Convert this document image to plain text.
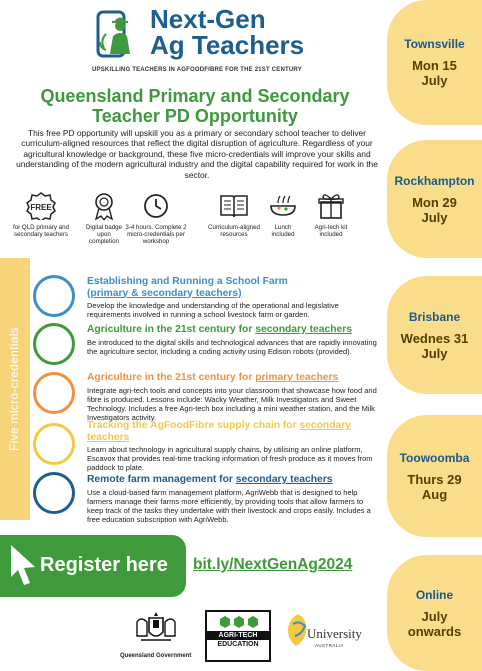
Townsville
Mon 15
July
Rockhampton
Mon 29
July
Brisbane
Wednes 31
July
Toowoomba
Thurs 29
Aug
Online
July
onwards
Next-Gen
Ag Teachers
UPSKILLING TEACHERS IN AGFOODFIBRE FOR THE 21ST CENTURY
Queensland Primary and Secondary
Teacher PD Opportunity
This free PD opportunity will upskill you as a primary or secondary school teacher to deliver curriculum-aligned resources that reflect the digital disruption of agriculture. Regardless of your agricultural knowledge or background, these five micro-credentials will improve your skills and understanding of the modern agricultural industry and the digital capability required for work in the sector.
FREE
for QLD primary and secondary teachers
Digital badge upon completion
3-4 hours. Complete 2 micro-credentials per workshop
Curriculum-aligned resources
Lunch included
Agri-tech kit included
Five micro-credentials
1 Establishing and Running a School Farm
(primary & secondary teachers)
Develop the knowledge and understanding of the operational and legislative requirements involved in running a school livestock farm or garden.
2 Agriculture in the 21st century for secondary teachers
Be introduced to the digital skills and technological advances that are rapidly innovating the agriculture sector, including a coding activity using Edison robots (provided).
3 Agriculture in the 21st century for primary teachers
Integrate agri-tech tools and concepts into your classroom that showcase how food and fibre is produced. Lessons include: Wacky Weather, Milk Investigators and Sweet Technology. Includes a free Agri-tech box including a mini weather station, and the Milk Investigators activity.
4
Tracking the AgFoodFibre supply chain for secondary teachers
Learn about technology in agricultural supply chains, by utilising an online platform, Escavox that provides real-time tracking information of fresh produce as it moves from paddock to plate.
5 Remote farm management for secondary teachers
Use a cloud-based farm management platform, AgriWebb that is designed to help farmers manage their farms more efficiently, by providing tools that allow farmers to keep track of the tasks they undertake with their livestock and crops easily. Includes a free education subscription with AgriWebb.
Register here bit.ly/NextGenAg2024
Queensland Government
AGRI-TECH
EDUCATION
University
AUSTRALIA
